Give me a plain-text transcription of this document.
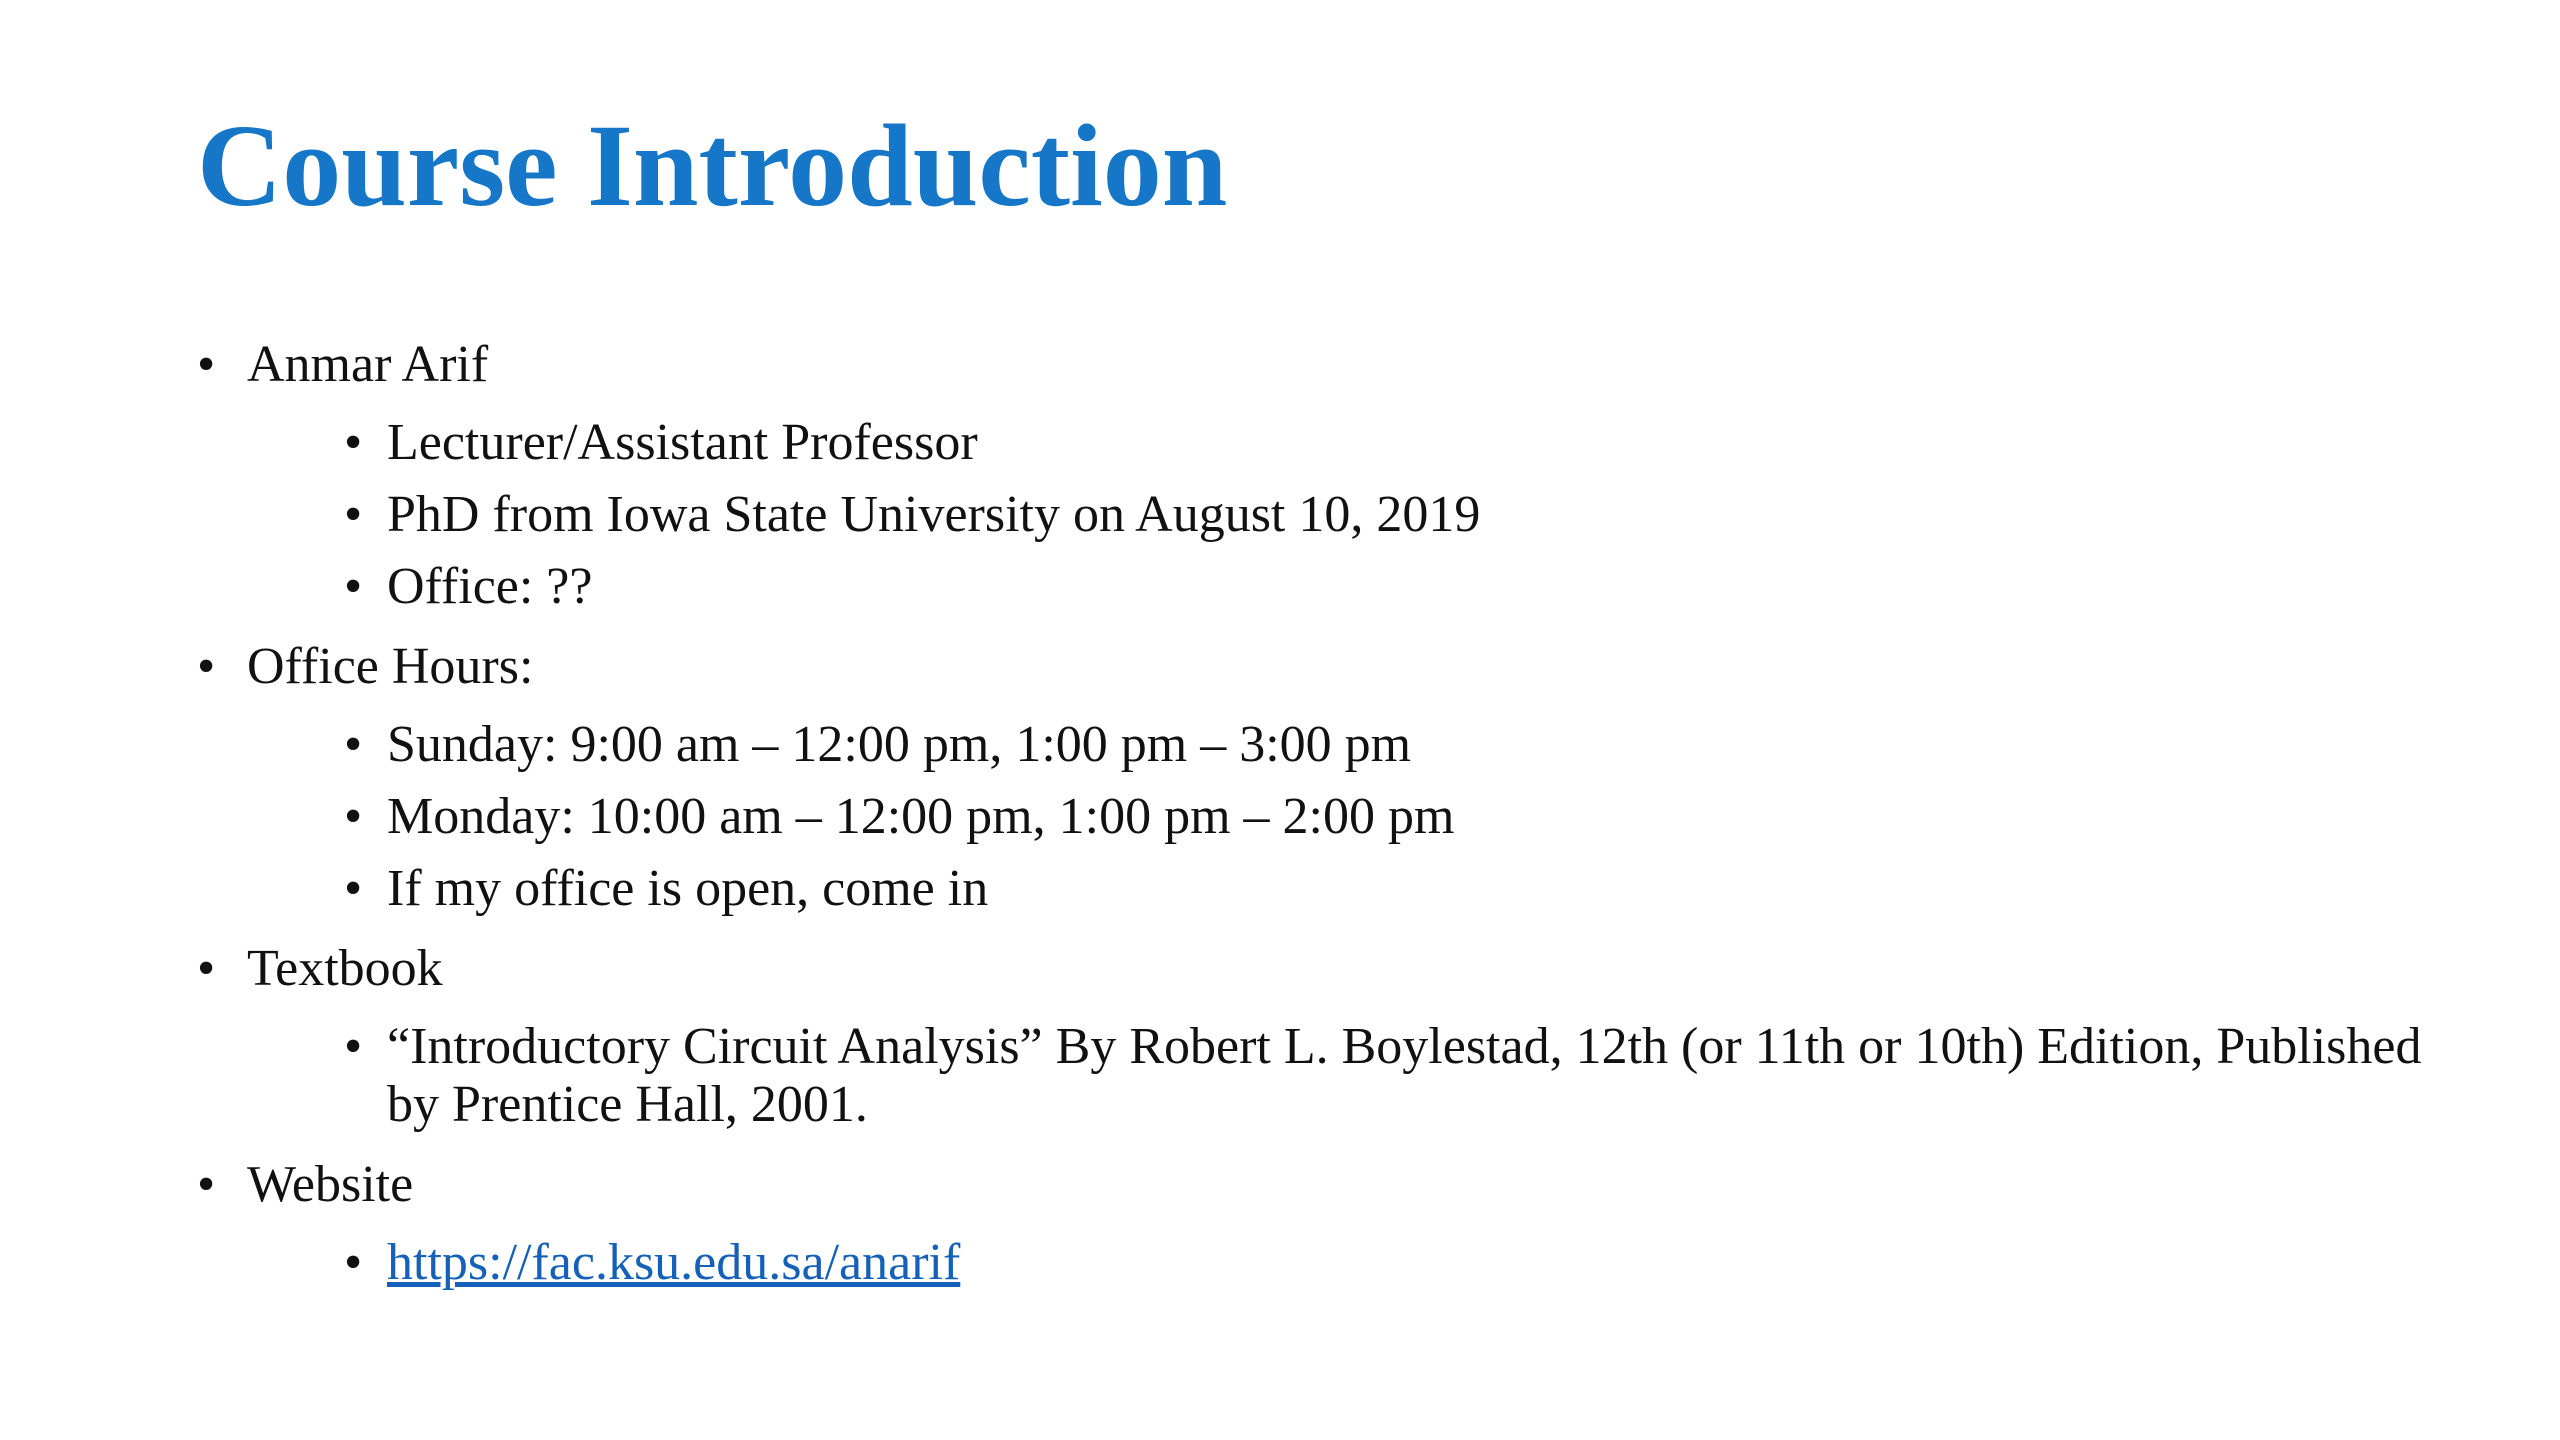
Course Introduction
• Anmar Arif
• Lecturer/Assistant Professor
• PhD from Iowa State University on August 10, 2019
• Office: ??
• Office Hours:
• Sunday: 9:00 am – 12:00 pm, 1:00 pm – 3:00 pm
• Monday: 10:00 am – 12:00 pm, 1:00 pm – 2:00 pm
• If my office is open, come in
• Textbook
• “Introductory Circuit Analysis” By Robert L. Boylestad, 12th (or 11th or 10th) Edition, Published by Prentice Hall, 2001.
• Website
• https://fac.ksu.edu.sa/anarif
